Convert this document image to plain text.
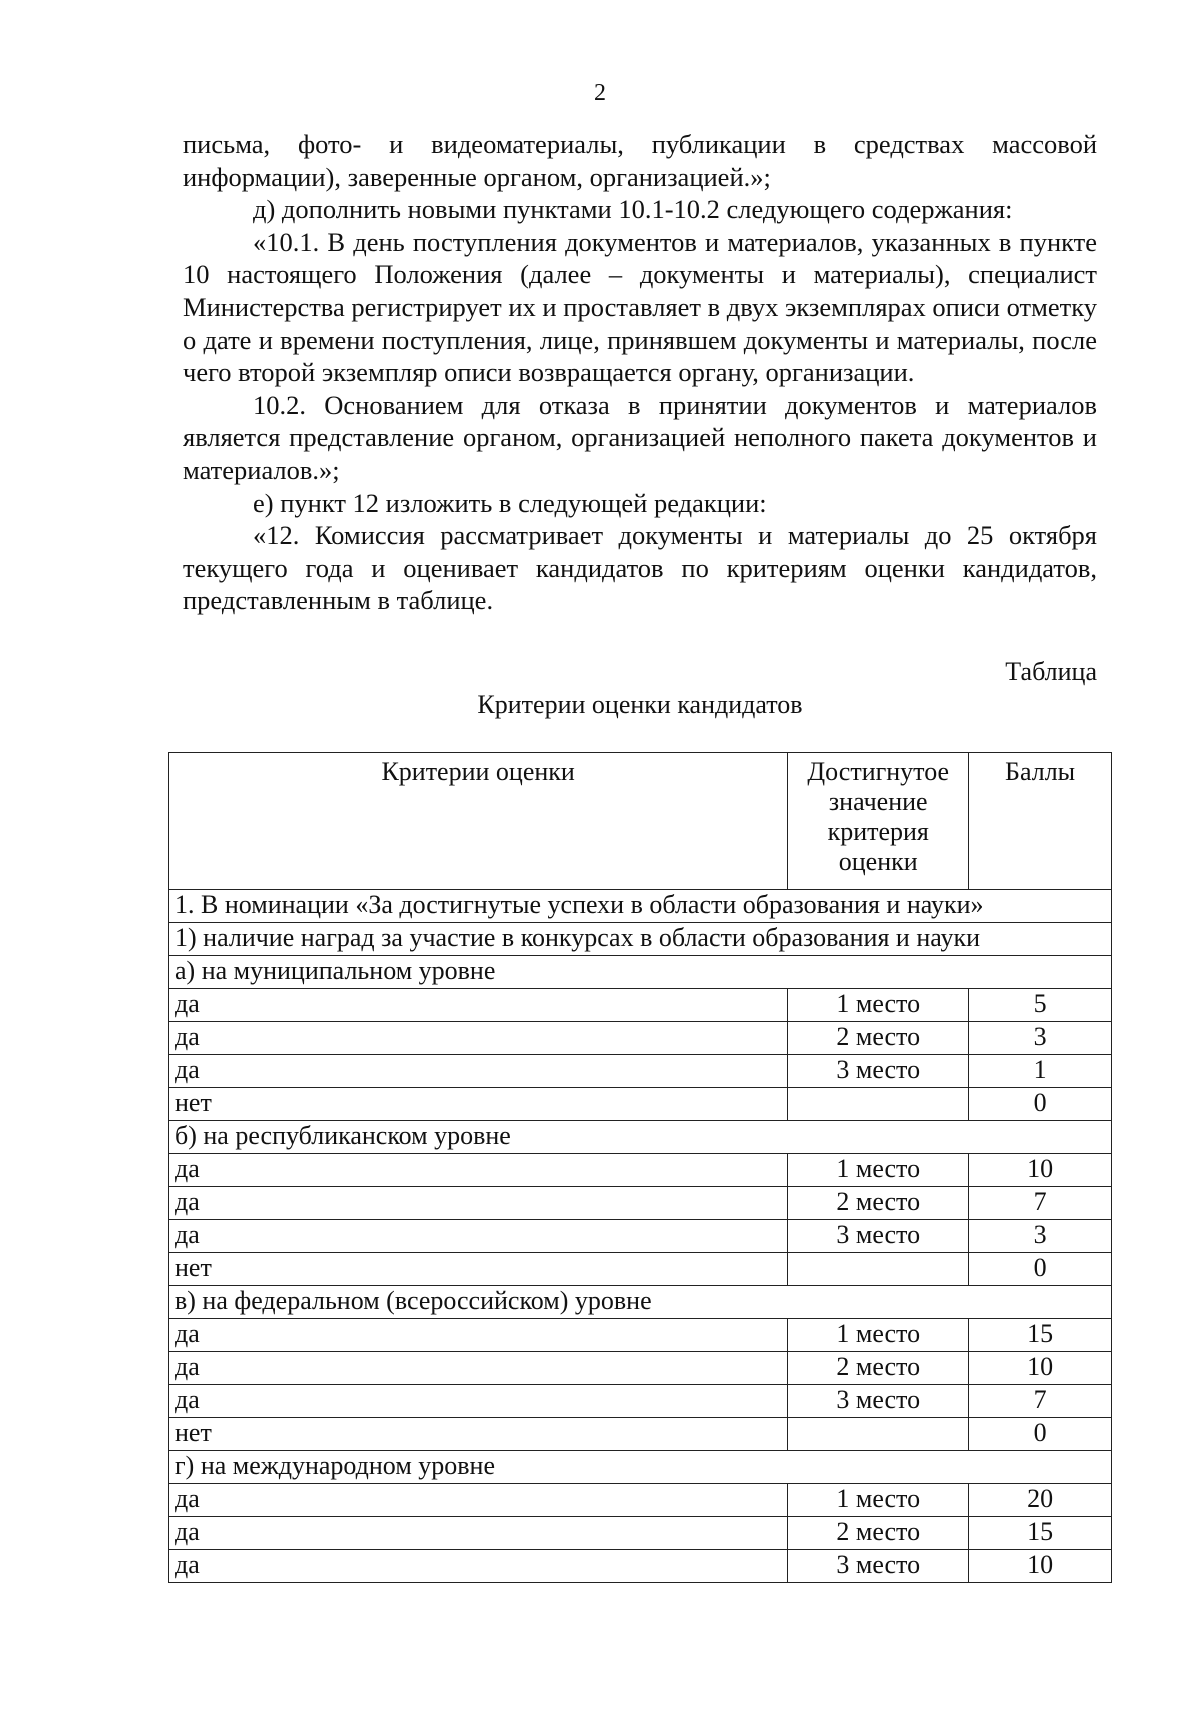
2

письма, фото- и видеоматериалы, публикации в средствах массовой информации), заверенные органом, организацией.»;

д) дополнить новыми пунктами 10.1-10.2 следующего содержания:

«10.1. В день поступления документов и материалов, указанных в пункте 10 настоящего Положения (далее – документы и материалы), специалист Министерства регистрирует их и проставляет в двух экземплярах описи отметку о дате и времени поступления, лице, принявшем документы и материалы, после чего второй экземпляр описи возвращается органу, организации.

10.2. Основанием для отказа в принятии документов и материалов является представление органом, организацией неполного пакета документов и материалов.»;

е) пункт 12 изложить в следующей редакции:

«12. Комиссия рассматривает документы и материалы до 25 октября текущего года и оценивает кандидатов по критериям оценки кандидатов, представленным в таблице.

Таблица
Критерии оценки кандидатов
Критерии оценки	Достигнутое значение критерия оценки	Баллы
1. В номинации «За достигнутые успехи в области образования и науки»		
1) наличие наград за участие в конкурсах в области образования и науки		
а) на муниципальном уровне		
да	1 место	5
да	2 место	3
да	3 место	1
нет		0
б) на республиканском уровне		
да	1 место	10
да	2 место	7
да	3 место	3
нет		0
в) на федеральном (всероссийском) уровне		
да	1 место	15
да	2 место	10
да	3 место	7
нет		0
г) на международном уровне		
да	1 место	20
да	2 место	15
да	3 место	10
